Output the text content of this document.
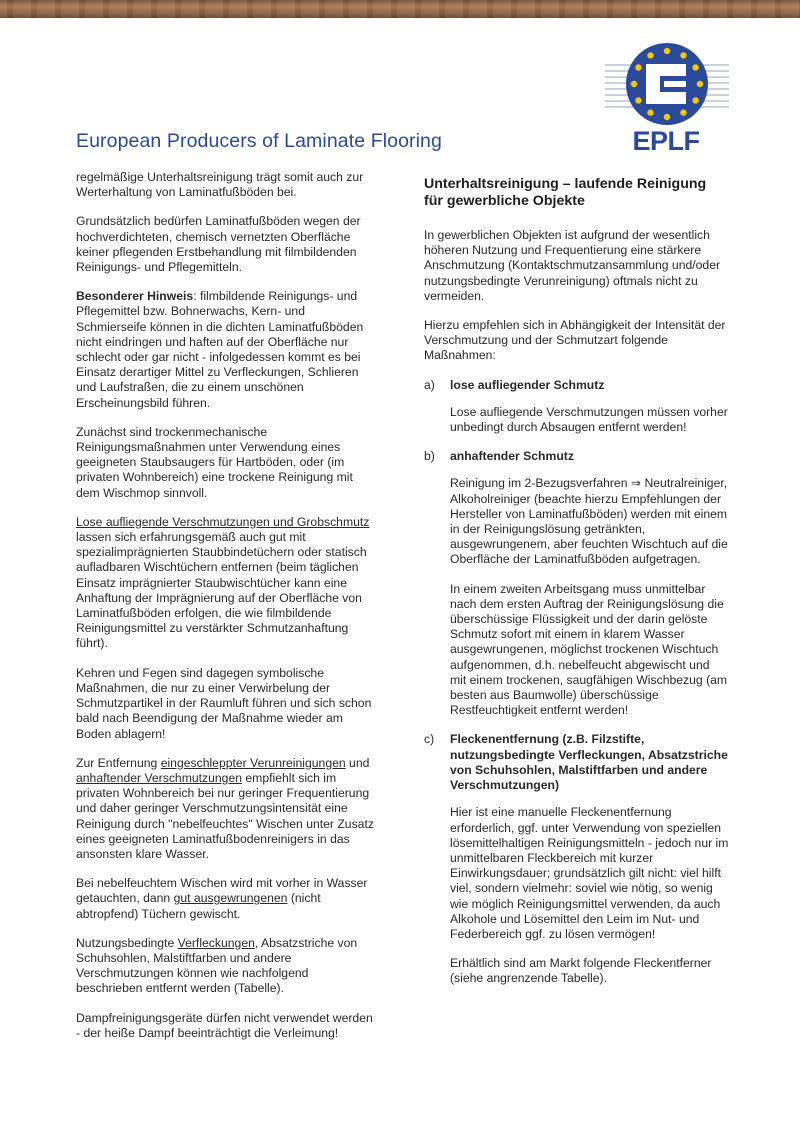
European Producers of Laminate Flooring	EPLF

regelmäßige Unterhaltsreinigung trägt somit auch zur Werterhaltung von Laminatfußböden bei.

Grundsätzlich bedürfen Laminatfußböden wegen der hochverdichteten, chemisch vernetzten Oberfläche keiner pflegenden Erstbehandlung mit filmbildenden Reinigungs- und Pflegemitteln.

Besonderer Hinweis: filmbildende Reinigungs- und Pflegemittel bzw. Bohnerwachs, Kern- und Schmierseife können in die dichten Laminatfußböden nicht eindringen und haften auf der Oberfläche nur schlecht oder gar nicht - infolgedessen kommt es bei Einsatz derartiger Mittel zu Verfleckungen, Schlieren und Laufstraßen, die zu einem unschönen Erscheinungsbild führen.

Zunächst sind trockenmechanische Reinigungsmaßnahmen unter Verwendung eines geeigneten Staubsaugers für Hartböden, oder (im privaten Wohnbereich) eine trockene Reinigung mit dem Wischmop sinnvoll.

Lose aufliegende Verschmutzungen und Grobschmutz lassen sich erfahrungsgemäß auch gut mit spezialimprägnierten Staubbindetüchern oder statisch aufladbaren Wischtüchern entfernen (beim täglichen Einsatz imprägnierter Staubwischtücher kann eine Anhaftung der Imprägnierung auf der Oberfläche von Laminatfußböden erfolgen, die wie filmbildende Reinigungsmittel zu verstärkter Schmutzanhaftung führt).

Kehren und Fegen sind dagegen symbolische Maßnahmen, die nur zu einer Verwirbelung der Schmutzpartikel in der Raumluft führen und sich schon bald nach Beendigung der Maßnahme wieder am Boden ablagern!

Zur Entfernung eingeschleppter Verunreinigungen und anhaftender Verschmutzungen empfiehlt sich im privaten Wohnbereich bei nur geringer Frequentierung und daher geringer Verschmutzungsintensität eine Reinigung durch "nebelfeuchtes" Wischen unter Zusatz eines geeigneten Laminatfußbodenreinigers in das ansonsten klare Wasser.

Bei nebelfeuchtem Wischen wird mit vorher in Wasser getauchten, dann gut ausgewrungenen (nicht abtropfend) Tüchern gewischt.

Nutzungsbedingte Verfleckungen, Absatzstriche von Schuhsohlen, Malstiftfarben und andere Verschmutzungen können wie nachfolgend beschrieben entfernt werden (Tabelle).

Dampfreinigungsgeräte dürfen nicht verwendet werden - der heiße Dampf beeinträchtigt die Verleimung!

Unterhaltsreinigung – laufende Reinigung für gewerbliche Objekte

In gewerblichen Objekten ist aufgrund der wesentlich höheren Nutzung und Frequentierung eine stärkere Anschmutzung (Kontaktschmutzansammlung und/oder nutzungsbedingte Verunreinigung) oftmals nicht zu vermeiden.

Hierzu empfehlen sich in Abhängigkeit der Intensität der Verschmutzung und der Schmutzart folgende Maßnahmen:

a) lose aufliegender Schmutz

Lose aufliegende Verschmutzungen müssen vorher unbedingt durch Absaugen entfernt werden!

b) anhaftender Schmutz

Reinigung im 2-Bezugsverfahren ⇒ Neutralreiniger, Alkoholreiniger (beachte hierzu Empfehlungen der Hersteller von Laminatfußböden) werden mit einem in der Reinigungslösung getränkten, ausgewrungenem, aber feuchten Wischtuch auf die Oberfläche der Laminatfußböden aufgetragen.

In einem zweiten Arbeitsgang muss unmittelbar nach dem ersten Auftrag der Reinigungslösung die überschüssige Flüssigkeit und der darin gelöste Schmutz sofort mit einem in klarem Wasser ausgewrungenen, möglichst trockenen Wischtuch aufgenommen, d.h. nebelfeucht abgewischt und mit einem trockenen, saugfähigen Wischbezug (am besten aus Baumwolle) überschüssige Restfeuchtigkeit entfernt werden!

c) Fleckenentfernung (z.B. Filzstifte, nutzungsbedingte Verfleckungen, Absatzstriche von Schuhsohlen, Malstiftfarben und andere Verschmutzungen)

Hier ist eine manuelle Fleckenentfernung erforderlich, ggf. unter Verwendung von speziellen lösemittelhaltigen Reinigungsmitteln - jedoch nur im unmittelbaren Fleckbereich mit kurzer Einwirkungsdauer; grundsätzlich gilt nicht: viel hilft viel, sondern vielmehr: soviel wie nötig, so wenig wie möglich Reinigungsmittel verwenden, da auch Alkohole und Lösemittel den Leim im Nut- und Federbereich ggf. zu lösen vermögen!

Erhältlich sind am Markt folgende Fleckentferner (siehe angrenzende Tabelle).
